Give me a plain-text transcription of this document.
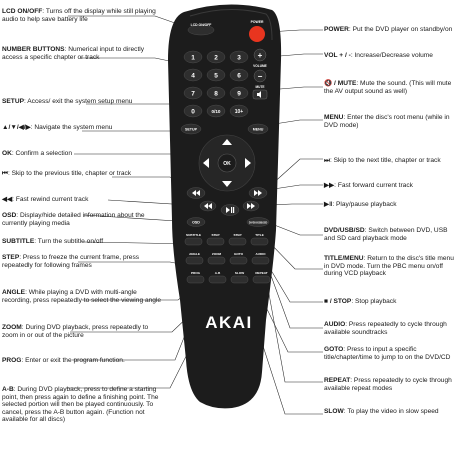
LCD ON/OFF
POWER
1	2	3
4	5	6
7	8	9
0	0/10	10+
+
VOLUME
−
MUTE
SETUP	MENU
OK
OSD	DVD/USB/SD
SUBTITLE	STEP	STEP	TITLE
ANGLE	ZOOM	GOTO	AUDIO
PROG	A-B	SLOW	REPEAT
AKAI
LCD ON/OFF: Turns off the display while still playing audio to help save battery life
NUMBER BUTTONS: Numerical input to directly access a specific chapter or track
SETUP: Access/ exit the system setup menu
▲/▼/◀/▶: Navigate the system menu
OK: Confirm a selection
⏮: Skip to the previous title, chapter or track
◀◀: Fast rewind current track
OSD: Display/hide detailed information about the currently playing media
SUBTITLE: Turn the subtitle on/off
STEP: Press to freeze the current frame, press repeatedly for following frames
ANGLE: While playing a DVD with multi-angle recording, press repeatedly to select the viewing angle
ZOOM: During DVD playback, press repeatedly to zoom in or out of the picture
PROG: Enter or exit the program function.
A-B: During DVD playback, press to define a starting point, then press again to define a finishing point. The selected portion will then be played continuously. To cancel, press the A-B button again. (Function not available for all discs)
POWER: Put the DVD player on standby/on
VOL + / -: Increase/Decrease volume
🔇 / MUTE: Mute the sound. (This will mute the AV output sound as well)
MENU: Enter the disc's root menu (while in DVD mode)
⏭: Skip to the next title, chapter or track
▶▶: Fast forward current track
▶ǁ: Play/pause playback
DVD/USB/SD: Switch between DVD, USB and SD card playback mode
TITLE/MENU: Return to the disc's title menu in DVD mode. Turn the PBC menu on/off during VCD playback
■ / STOP: Stop playback
AUDIO: Press repeatedly to cycle through available soundtracks
GOTO: Press to input a specific title/chapter/time to jump to on the DVD/CD
REPEAT: Press repeatedly to cycle through available repeat modes
SLOW: To play the video in slow speed
